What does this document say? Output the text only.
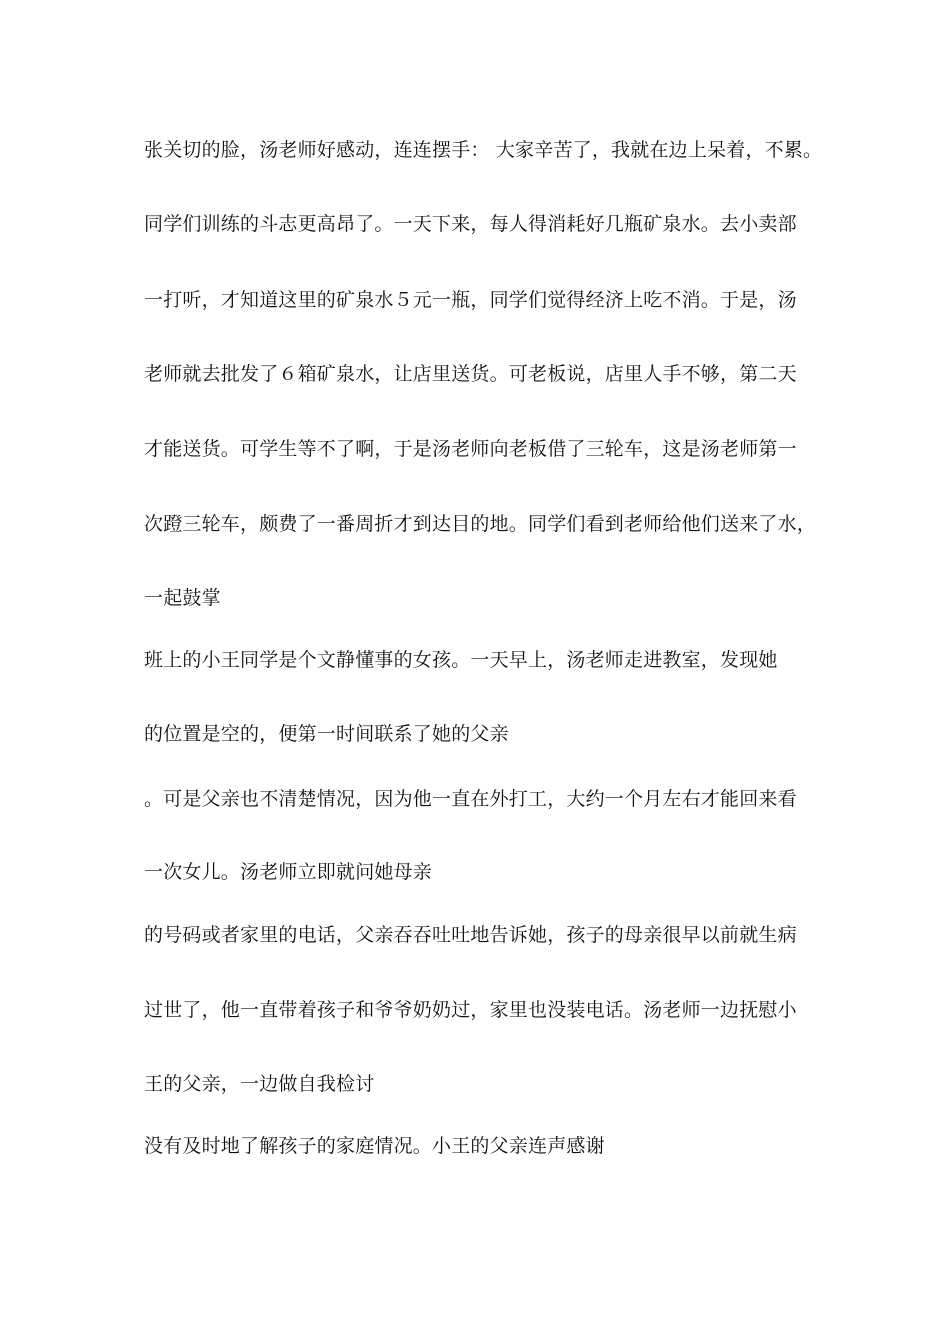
张关切的脸，汤老师好感动，连连摆手： 大家辛苦了，我就在边上呆着，不累。
同学们训练的斗志更高昂了。一天下来，每人得消耗好几瓶矿泉水。去小卖部
一打听，才知道这里的矿泉水５元一瓶，同学们觉得经济上吃不消。于是，汤
老师就去批发了６箱矿泉水，让店里送货。可老板说，店里人手不够，第二天
才能送货。可学生等不了啊，于是汤老师向老板借了三轮车，这是汤老师第一
次蹬三轮车，颇费了一番周折才到达目的地。同学们看到老师给他们送来了水，
一起鼓掌
班上的小王同学是个文静懂事的女孩。一天早上，汤老师走进教室，发现她
的位置是空的，便第一时间联系了她的父亲
。可是父亲也不清楚情况，因为他一直在外打工，大约一个月左右才能回来看
一次女儿。汤老师立即就问她母亲
的号码或者家里的电话，父亲吞吞吐吐地告诉她，孩子的母亲很早以前就生病
过世了，他一直带着孩子和爷爷奶奶过，家里也没装电话。汤老师一边抚慰小
王的父亲，一边做自我检讨
没有及时地了解孩子的家庭情况。小王的父亲连声感谢
